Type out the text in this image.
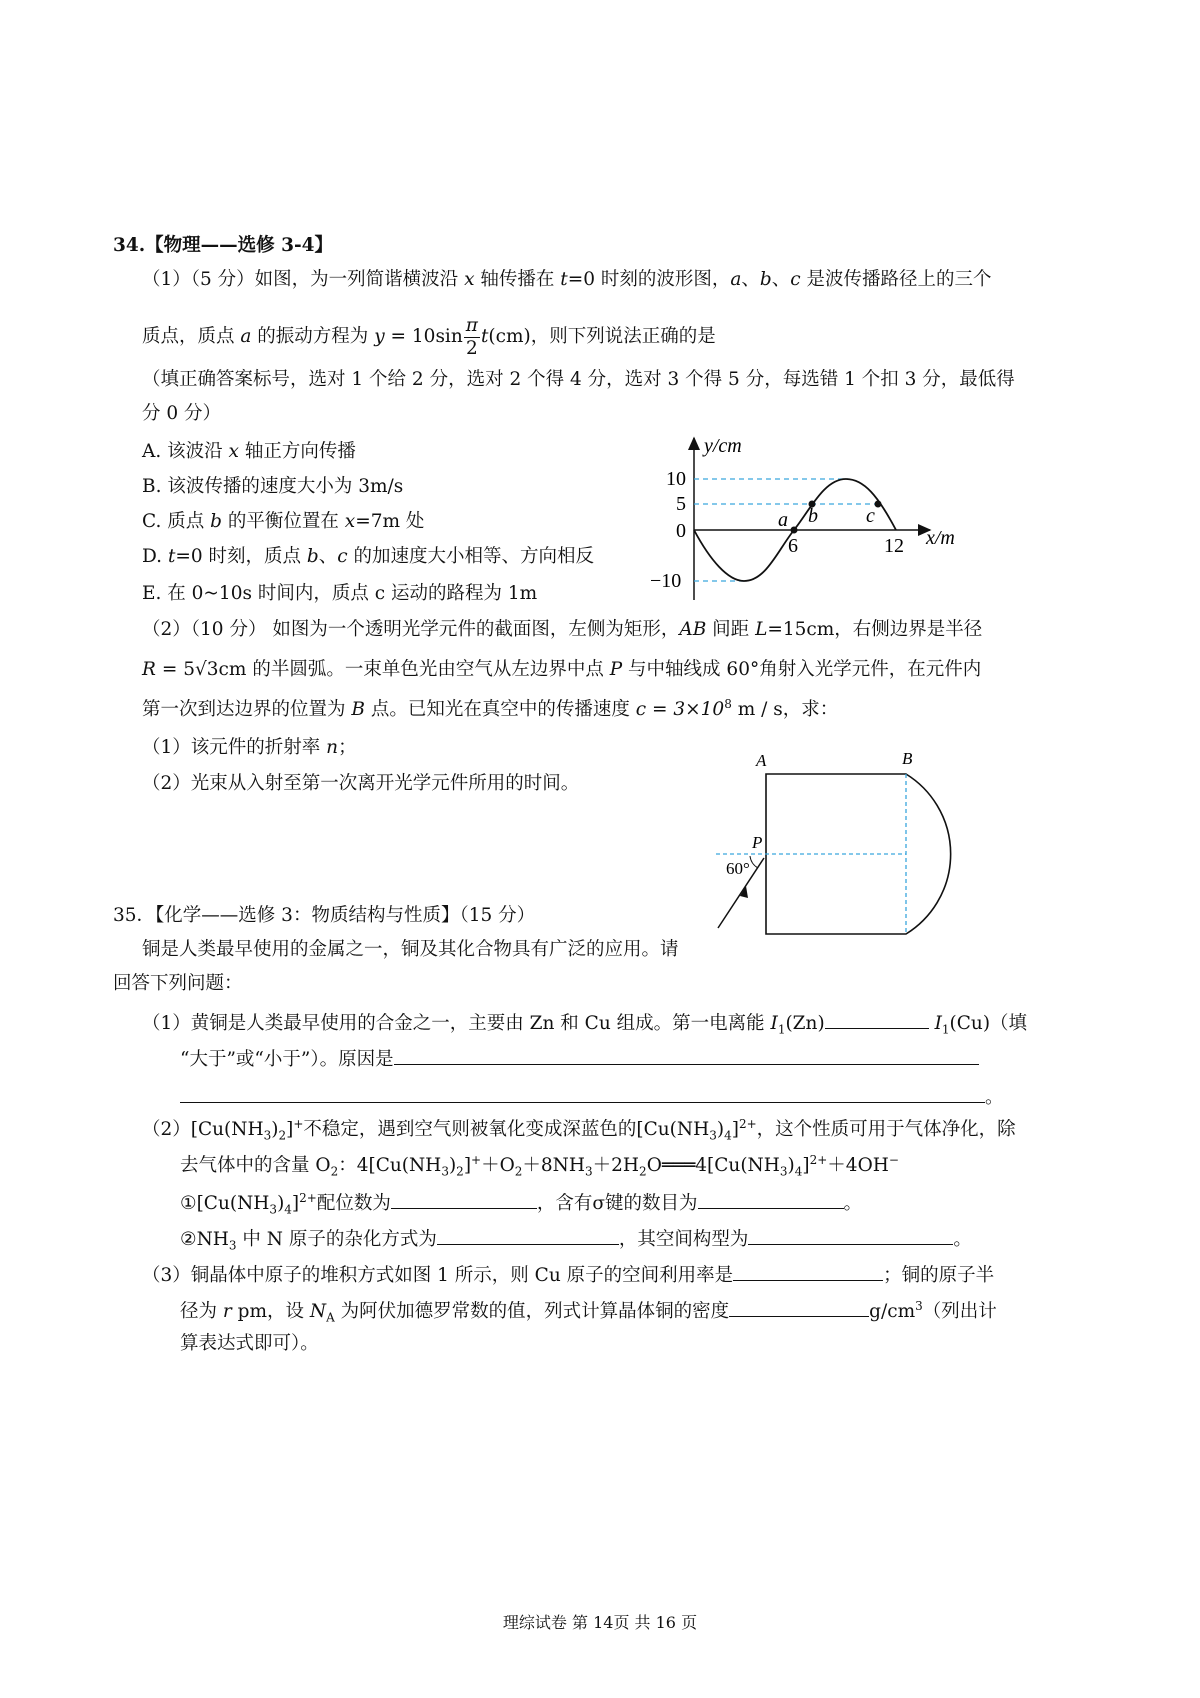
34.【物理——选修 3-4】
（1）（5 分）如图，为一列简谐横波沿 x 轴传播在 t=0 时刻的波形图，a、b、c 是波传播路径上的三个
质点，质点 a 的振动方程为 $y = 10\sin \frac{\pi}{2} t(cm)$，则下列说法正确的是
（填正确答案标号，选对 1 个给 2 分，选对 2 个得 4 分，选对 3 个得 5 分，每选错 1 个扣 3 分，最低得
分 0 分）
A. 该波沿 x 轴正方向传播
B. 该波传播的速度大小为 3m/s
C. 质点 b 的平衡位置在 x=7m 处
D. t=0 时刻，质点 b、c 的加速度大小相等、方向相反
E. 在 0~10s 时间内，质点 c 运动的路程为 1m
y/cm
10
5
0
−10
6	12 x/m
a b c
（2）（10 分） 如图为一个透明光学元件的截面图，左侧为矩形，AB 间距 L=15cm，右侧边界是半径
R = 5√3cm 的半圆弧。一束单色光由空气从左边界中点 P 与中轴线成 60°角射入光学元件，在元件内
第一次到达边界的位置为 B 点。已知光在真空中的传播速度 $c = 3\times 10^8$ m / s，求：
（1）该元件的折射率 n；
（2）光束从入射至第一次离开光学元件所用的时间。
A	B
P
60°
35．【化学——选修 3：物质结构与性质】（15 分）
铜是人类最早使用的金属之一，铜及其化合物具有广泛的应用。请
回答下列问题：
（1）黄铜是人类最早使用的合金之一，主要由 Zn 和 Cu 组成。第一电离能 $I_1(Zn)$	$I_1(Cu)$（填
“大于”或“小于”）。原因是
。
$(2)[Cu(NH_3)_2]^+$不稳定，遇到空气则被氧化变成深蓝色的$[Cu(NH_3)_4]^{2+}$，这个性质可用于气体净化，除
去气体中的含量 $O_2$：$4[Cu(NH_3)_2]^++O_2+8NH_3+2H_2O═══4[Cu(NH_3)_4]^{2+}+4OH^-$
$①[Cu(NH_3)_4]^{2+}$配位数为	，含有σ键的数目为	。
$②NH_3$ 中 N 原子的杂化方式为	，其空间构型为	。
（3）铜晶体中原子的堆积方式如图 1 所示，则 Cu 原子的空间利用率是	；铜的原子半
径为 r pm，设 $N_A$ 为阿伏加德罗常数的值，列式计算晶体铜的密度	$g/cm^3$（列出计
算表达式即可）。
理综试卷 第 14页 共 16 页
